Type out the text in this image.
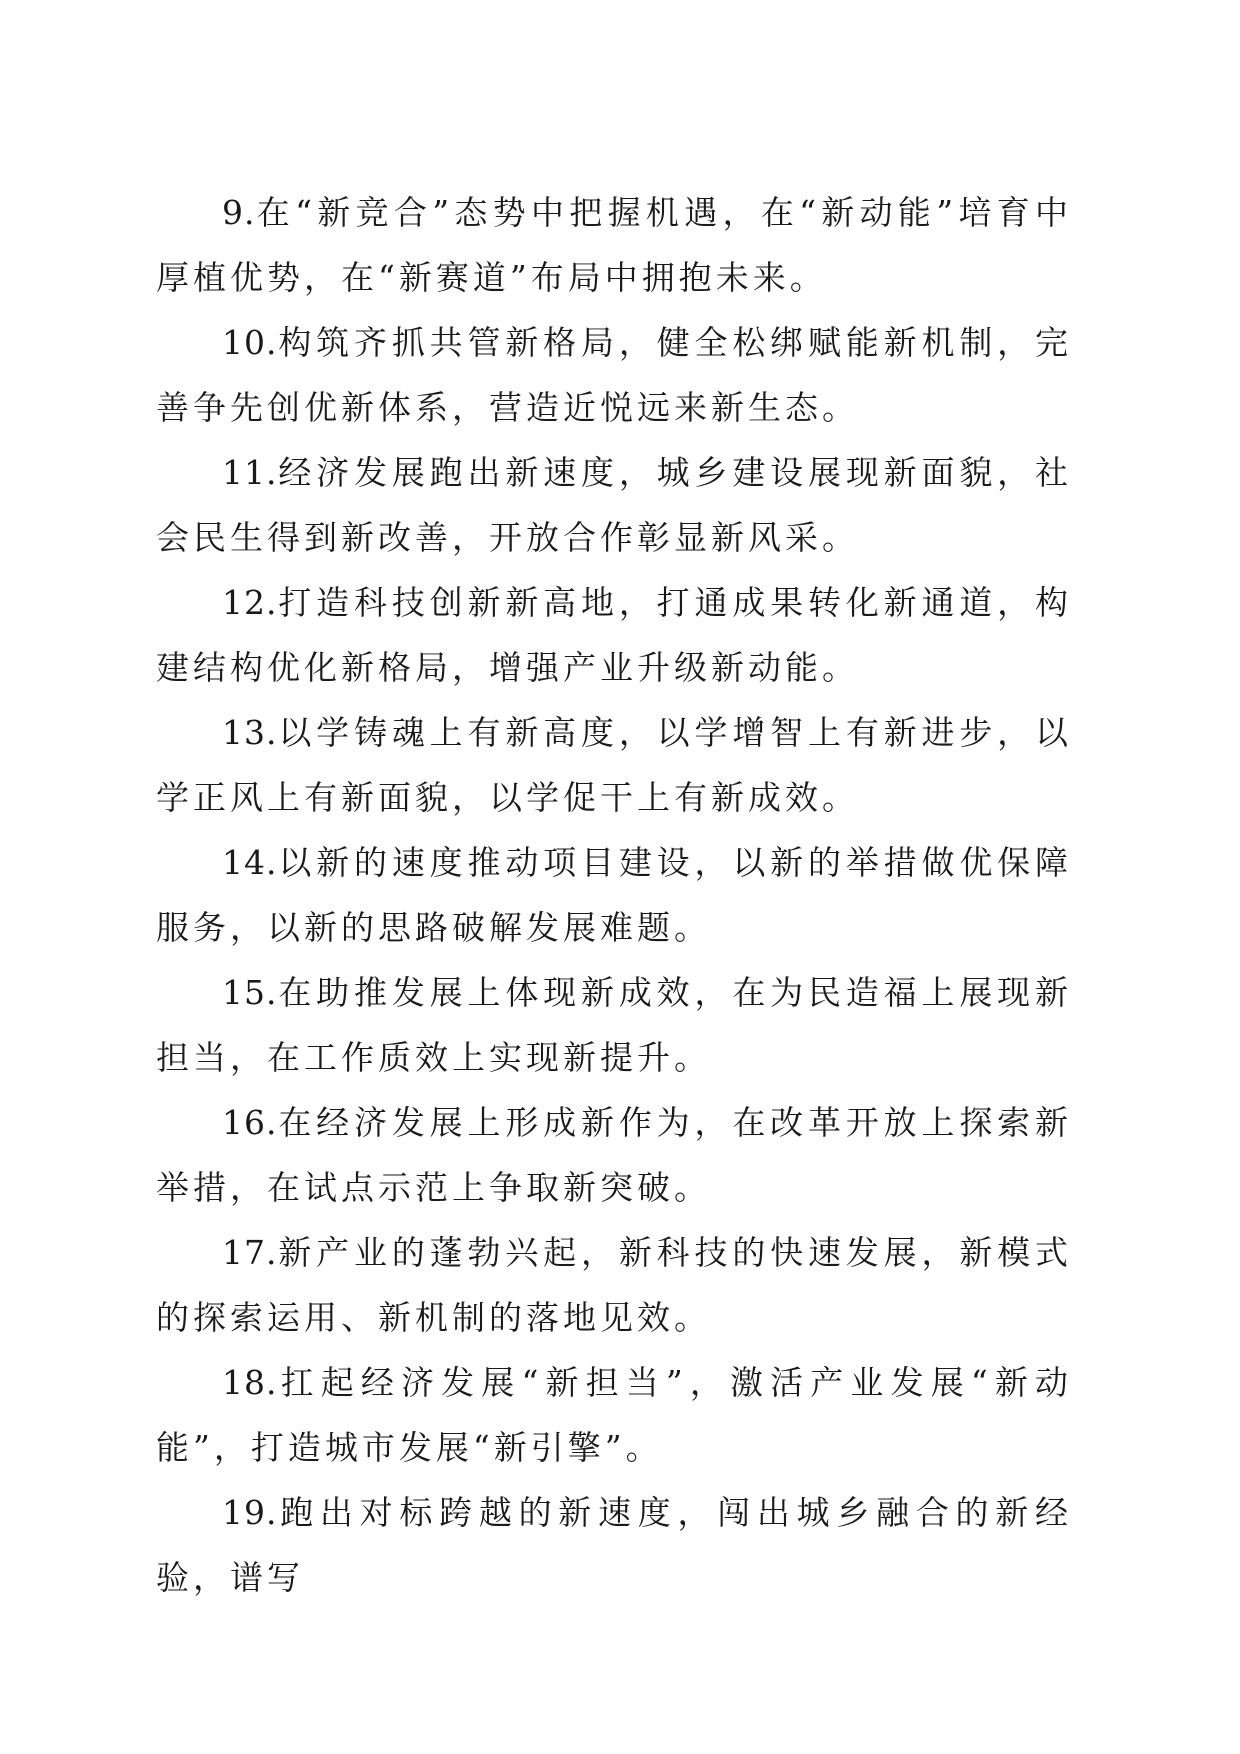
9.在“新竞合”态势中把握机遇，在“新动能”培育中厚植优势，在“新赛道”布局中拥抱未来。

10.构筑齐抓共管新格局，健全松绑赋能新机制，完善争先创优新体系，营造近悦远来新生态。

11.经济发展跑出新速度，城乡建设展现新面貌，社会民生得到新改善，开放合作彰显新风采。

12.打造科技创新新高地，打通成果转化新通道，构建结构优化新格局，增强产业升级新动能。

13.以学铸魂上有新高度，以学增智上有新进步，以学正风上有新面貌，以学促干上有新成效。

14.以新的速度推动项目建设，以新的举措做优保障服务，以新的思路破解发展难题。

15.在助推发展上体现新成效，在为民造福上展现新担当，在工作质效上实现新提升。

16.在经济发展上形成新作为，在改革开放上探索新举措，在试点示范上争取新突破。

17.新产业的蓬勃兴起，新科技的快速发展，新模式的探索运用、新机制的落地见效。

18.扛起经济发展“新担当”，激活产业发展“新动能”，打造城市发展“新引擎”。

19.跑出对标跨越的新速度，闯出城乡融合的新经验，谱写
